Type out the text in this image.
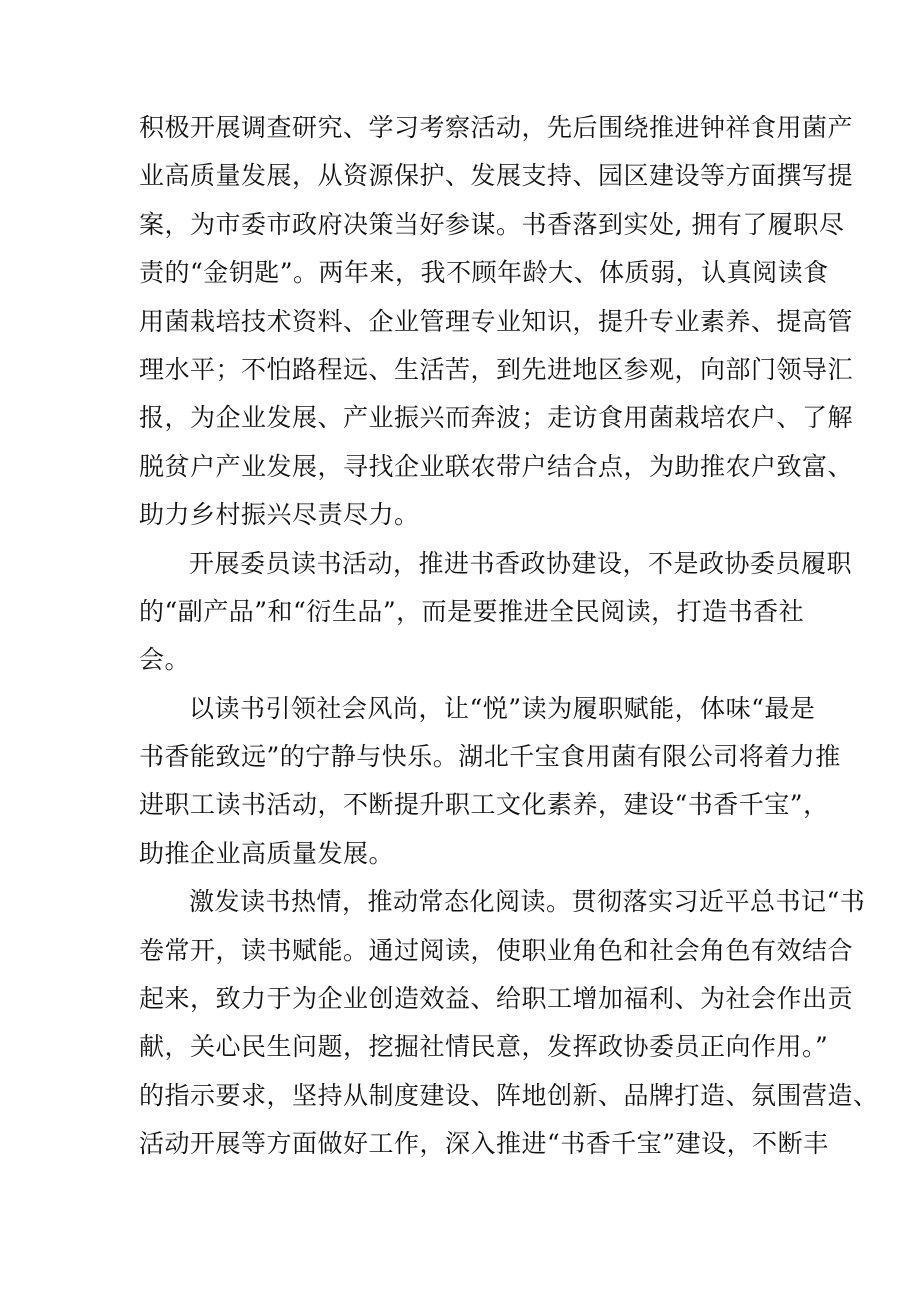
积极开展调查研究、学习考察活动，先后围绕推进钟祥食用菌产
业高质量发展，从资源保护、发展支持、园区建设等方面撰写提
案，为市委市政府决策当好参谋。书香落到实处, 拥有了履职尽
责的“金钥匙”。两年来，我不顾年龄大、体质弱，认真阅读食
用菌栽培技术资料、企业管理专业知识，提升专业素养、提高管
理水平；不怕路程远、生活苦，到先进地区参观，向部门领导汇
报，为企业发展、产业振兴而奔波；走访食用菌栽培农户、了解
脱贫户产业发展，寻找企业联农带户结合点，为助推农户致富、
助力乡村振兴尽责尽力。
开展委员读书活动，推进书香政协建设，不是政协委员履职
的“副产品”和“衍生品”，而是要推进全民阅读，打造书香社
会。
以读书引领社会风尚，让“悦”读为履职赋能，体味“最是
书香能致远”的宁静与快乐。湖北千宝食用菌有限公司将着力推
进职工读书活动，不断提升职工文化素养，建设“书香千宝”，
助推企业高质量发展。
激发读书热情，推动常态化阅读。贯彻落实习近平总书记“书
卷常开，读书赋能。通过阅读，使职业角色和社会角色有效结合
起来，致力于为企业创造效益、给职工增加福利、为社会作出贡
献，关心民生问题，挖掘社情民意，发挥政协委员正向作用。”
的指示要求，坚持从制度建设、阵地创新、品牌打造、氛围营造、
活动开展等方面做好工作，深入推进“书香千宝”建设，不断丰
